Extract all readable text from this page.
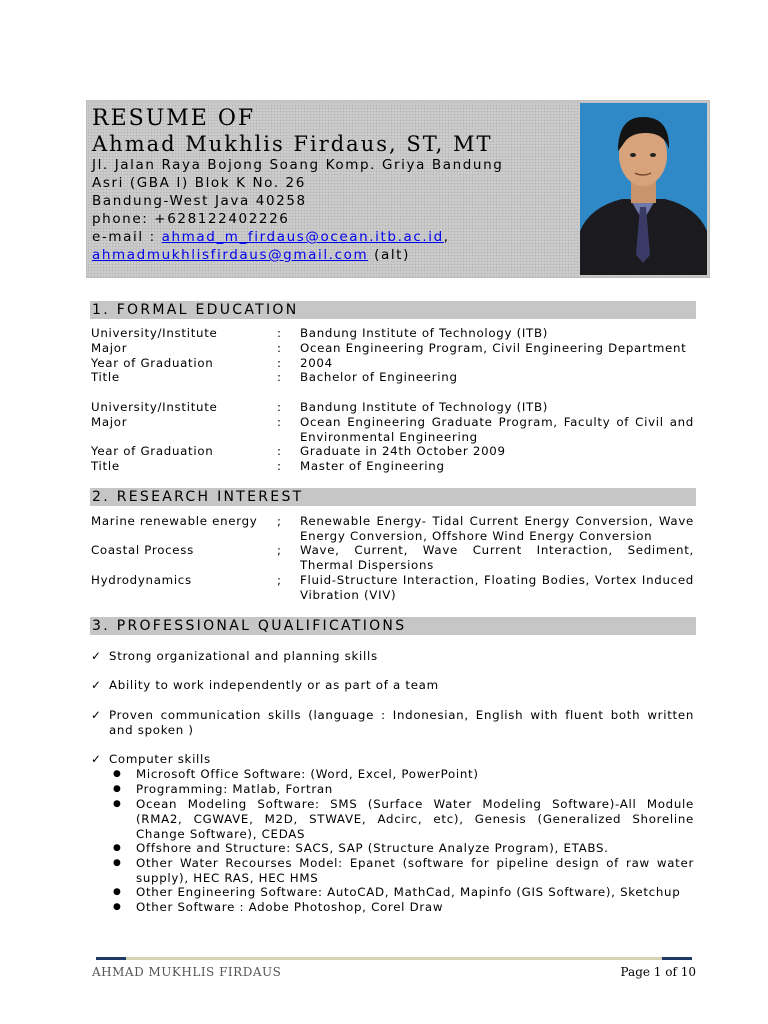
RESUME OF
Ahmad Mukhlis Firdaus, ST, MT
Jl. Jalan Raya Bojong Soang Komp. Griya Bandung
Asri (GBA I) Blok K No. 26
Bandung-West Java 40258
phone: +628122402226
e-mail : ahmad_m_firdaus@ocean.itb.ac.id,
ahmadmukhlisfirdaus@gmail.com (alt)
1. FORMAL EDUCATION
University/Institute	: Bandung Institute of Technology (ITB)
Major	: Ocean Engineering Program, Civil Engineering Department
Year of Graduation	: 2004
Title	: Bachelor of Engineering
University/Institute	: Bandung Institute of Technology (ITB)
Major	: Ocean Engineering Graduate Program, Faculty of Civil and Environmental Engineering
Year of Graduation	: Graduate in 24th October 2009
Title	: Master of Engineering
2. RESEARCH INTEREST
Marine renewable energy ; Renewable Energy- Tidal Current Energy Conversion, Wave Energy Conversion, Offshore Wind Energy Conversion
Coastal Process	; Wave, Current, Wave Current Interaction, Sediment, Thermal Dispersions
Hydrodynamics	; Fluid-Structure Interaction, Floating Bodies, Vortex Induced Vibration (VIV)
3. PROFESSIONAL QUALIFICATIONS
✓ Strong organizational and planning skills
✓ Ability to work independently or as part of a team
✓ Proven communication skills (language : Indonesian, English with fluent both written and spoken )
✓ Computer skills
● Microsoft Office Software: (Word, Excel, PowerPoint)
● Programming: Matlab, Fortran
● Ocean Modeling Software: SMS (Surface Water Modeling Software)-All Module (RMA2, CGWAVE, M2D, STWAVE, Adcirc, etc), Genesis (Generalized Shoreline Change Software), CEDAS
● Offshore and Structure: SACS, SAP (Structure Analyze Program), ETABS.
● Other Water Recourses Model: Epanet (software for pipeline design of raw water supply), HEC RAS, HEC HMS
● Other Engineering Software: AutoCAD, MathCad, Mapinfo (GIS Software), Sketchup
● Other Software : Adobe Photoshop, Corel Draw
AHMAD MUKHLIS FIRDAUS	Page 1 of 10
